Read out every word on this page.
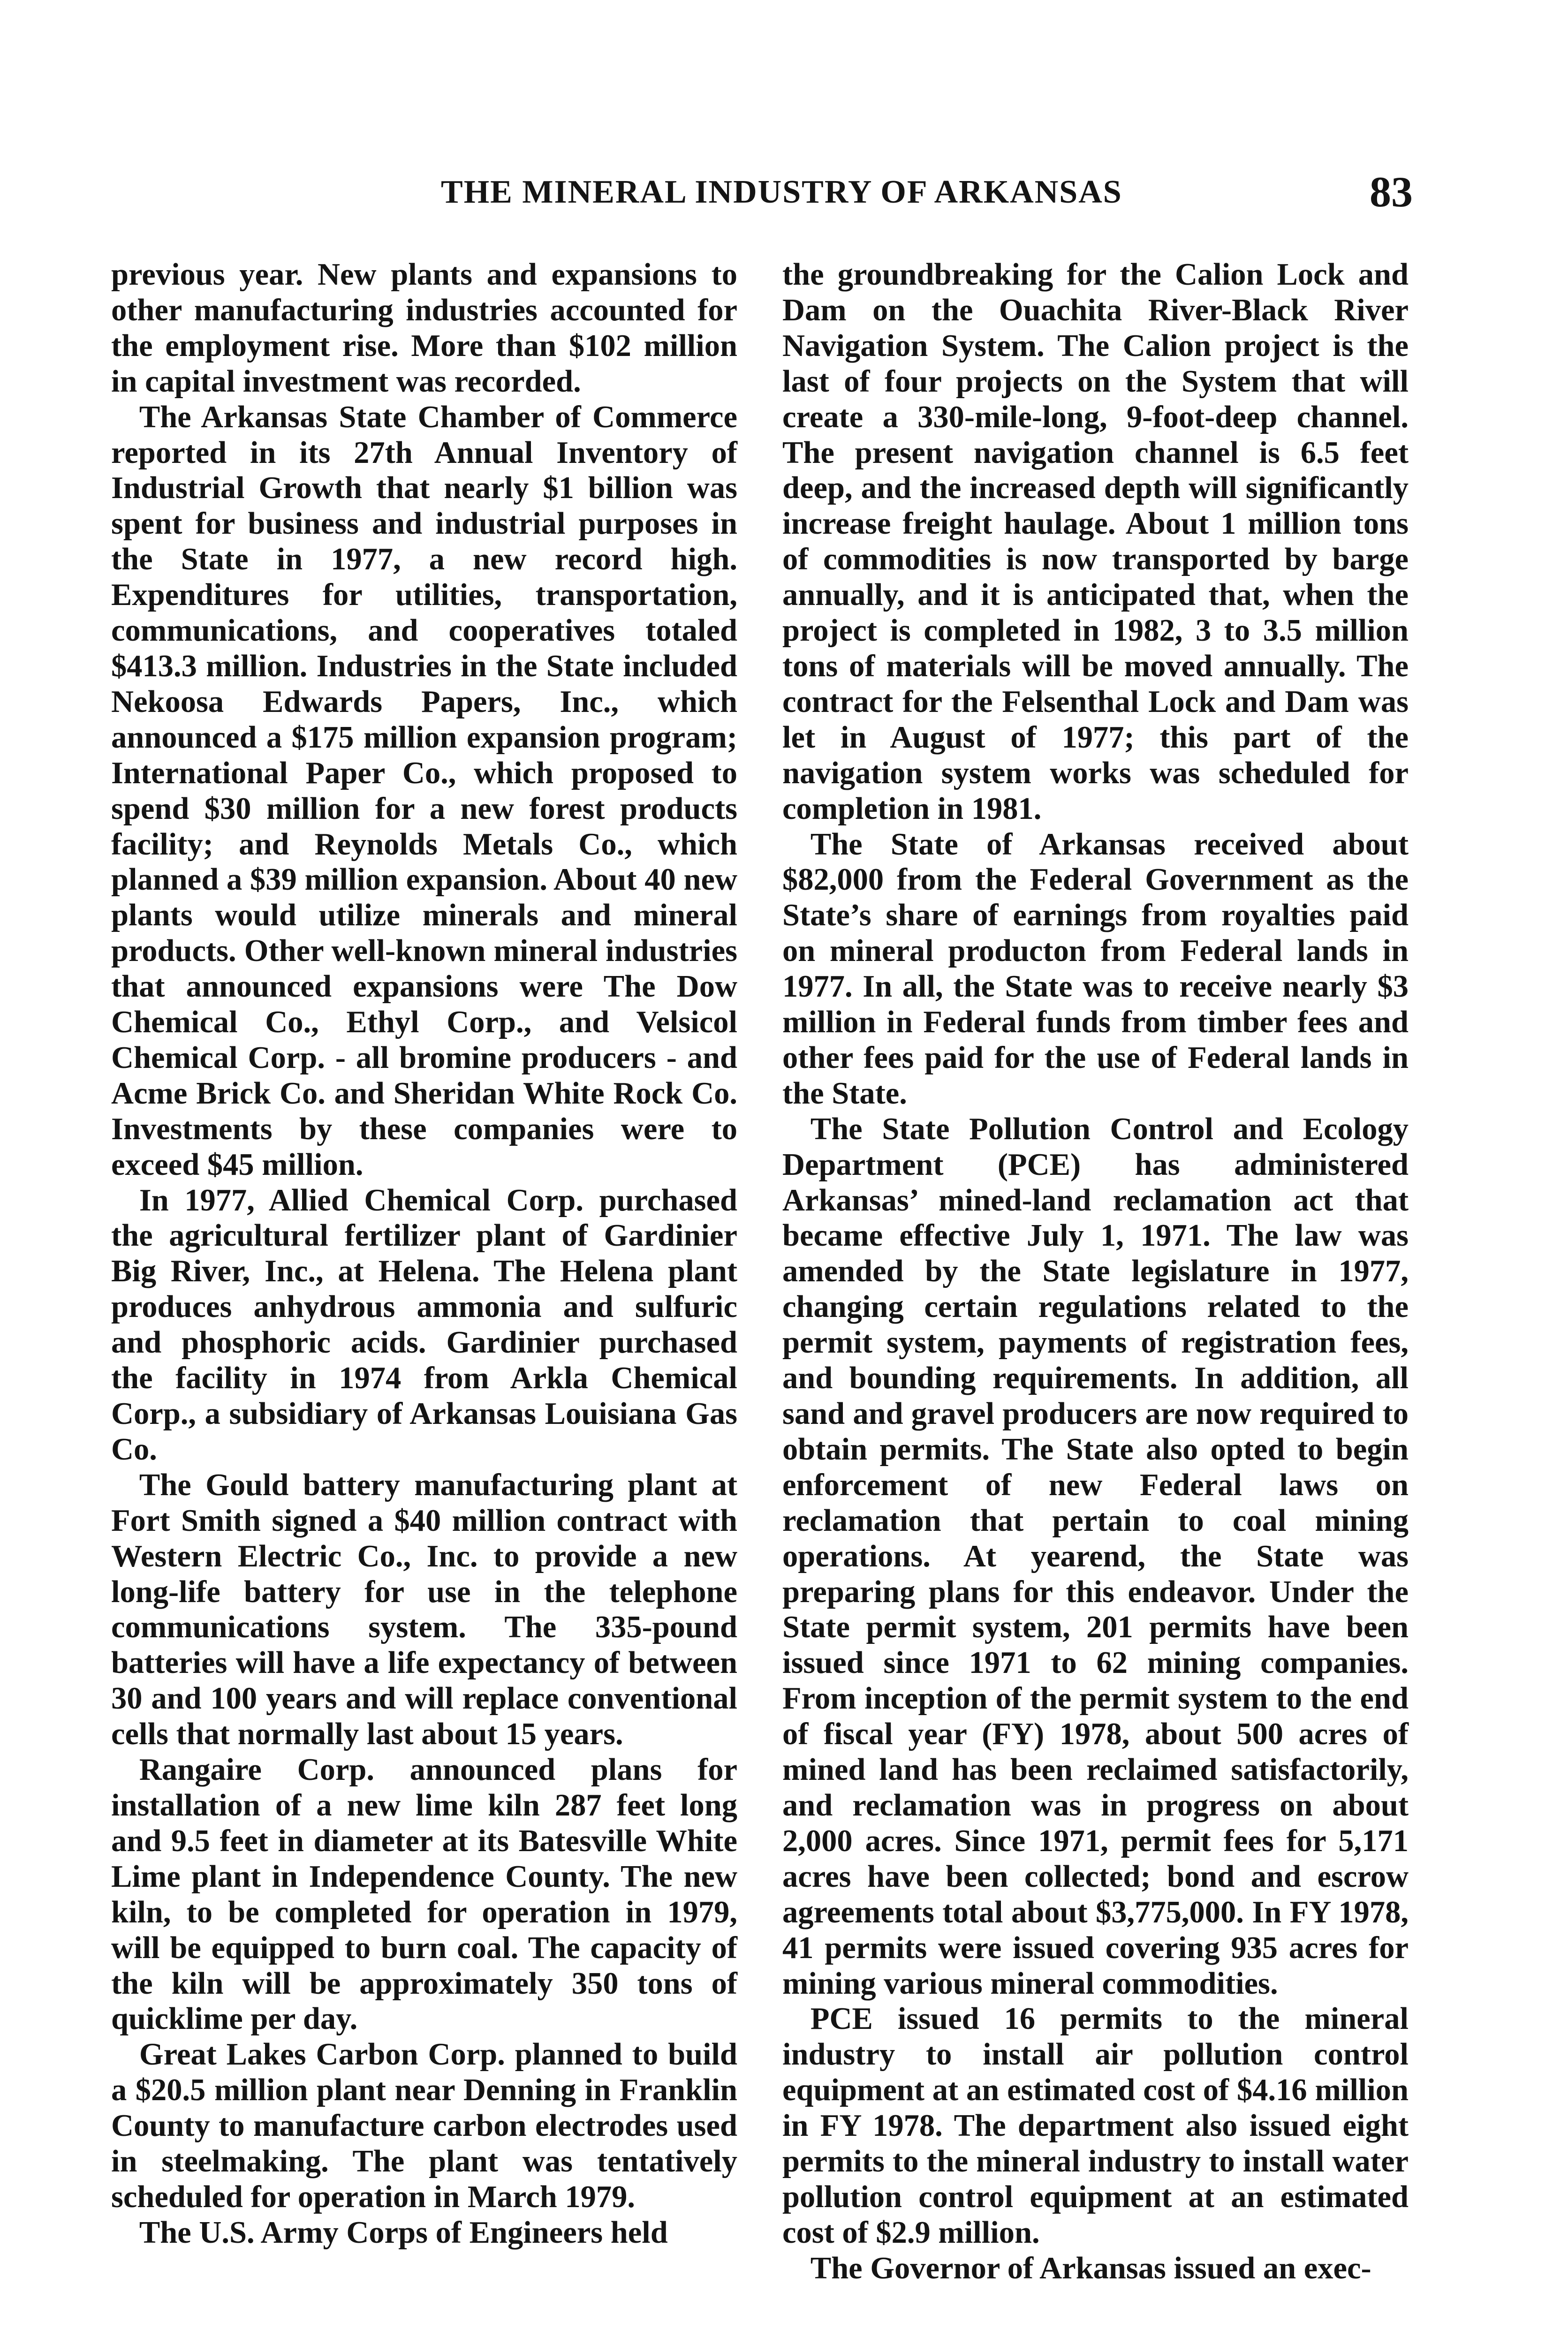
THE MINERAL INDUSTRY OF ARKANSAS	83

previous year. New plants and expansions to other manufacturing industries accounted for the employment rise. More than $102 million in capital investment was recorded.

The Arkansas State Chamber of Commerce reported in its 27th Annual Inventory of Industrial Growth that nearly $1 billion was spent for business and industrial purposes in the State in 1977, a new record high. Expenditures for utilities, transportation, communications, and cooperatives totaled $413.3 million. Industries in the State included Nekoosa Edwards Papers, Inc., which announced a $175 million expansion program; International Paper Co., which proposed to spend $30 million for a new forest products facility; and Reynolds Metals Co., which planned a $39 million expansion. About 40 new plants would utilize minerals and mineral products. Other well-known mineral industries that announced expansions were The Dow Chemical Co., Ethyl Corp., and Velsicol Chemical Corp. - all bromine producers - and Acme Brick Co. and Sheridan White Rock Co. Investments by these companies were to exceed $45 million.

In 1977, Allied Chemical Corp. purchased the agricultural fertilizer plant of Gardinier Big River, Inc., at Helena. The Helena plant produces anhydrous ammonia and sulfuric and phosphoric acids. Gardinier purchased the facility in 1974 from Arkla Chemical Corp., a subsidiary of Arkansas Louisiana Gas Co.

The Gould battery manufacturing plant at Fort Smith signed a $40 million contract with Western Electric Co., Inc. to provide a new long-life battery for use in the telephone communications system. The 335-pound batteries will have a life expectancy of between 30 and 100 years and will replace conventional cells that normally last about 15 years.

Rangaire Corp. announced plans for installation of a new lime kiln 287 feet long and 9.5 feet in diameter at its Batesville White Lime plant in Independence County. The new kiln, to be completed for operation in 1979, will be equipped to burn coal. The capacity of the kiln will be approximately 350 tons of quicklime per day.

Great Lakes Carbon Corp. planned to build a $20.5 million plant near Denning in Franklin County to manufacture carbon electrodes used in steelmaking. The plant was tentatively scheduled for operation in March 1979.

The U.S. Army Corps of Engineers held

the groundbreaking for the Calion Lock and Dam on the Ouachita River-Black River Navigation System. The Calion project is the last of four projects on the System that will create a 330-mile-long, 9-foot-deep channel. The present navigation channel is 6.5 feet deep, and the increased depth will significantly increase freight haulage. About 1 million tons of commodities is now transported by barge annually, and it is anticipated that, when the project is completed in 1982, 3 to 3.5 million tons of materials will be moved annually. The contract for the Felsenthal Lock and Dam was let in August of 1977; this part of the navigation system works was scheduled for completion in 1981.

The State of Arkansas received about $82,000 from the Federal Government as the State’s share of earnings from royalties paid on mineral producton from Federal lands in 1977. In all, the State was to receive nearly $3 million in Federal funds from timber fees and other fees paid for the use of Federal lands in the State.

The State Pollution Control and Ecology Department (PCE) has administered Arkansas’ mined-land reclamation act that became effective July 1, 1971. The law was amended by the State legislature in 1977, changing certain regulations related to the permit system, payments of registration fees, and bounding requirements. In addition, all sand and gravel producers are now required to obtain permits. The State also opted to begin enforcement of new Federal laws on reclamation that pertain to coal mining operations. At yearend, the State was preparing plans for this endeavor. Under the State permit system, 201 permits have been issued since 1971 to 62 mining companies. From inception of the permit system to the end of fiscal year (FY) 1978, about 500 acres of mined land has been reclaimed satisfactorily, and reclamation was in progress on about 2,000 acres. Since 1971, permit fees for 5,171 acres have been collected; bond and escrow agreements total about $3,775,000. In FY 1978, 41 permits were issued covering 935 acres for mining various mineral commodities.

PCE issued 16 permits to the mineral industry to install air pollution control equipment at an estimated cost of $4.16 million in FY 1978. The department also issued eight permits to the mineral industry to install water pollution control equipment at an estimated cost of $2.9 million.

The Governor of Arkansas issued an exec-
